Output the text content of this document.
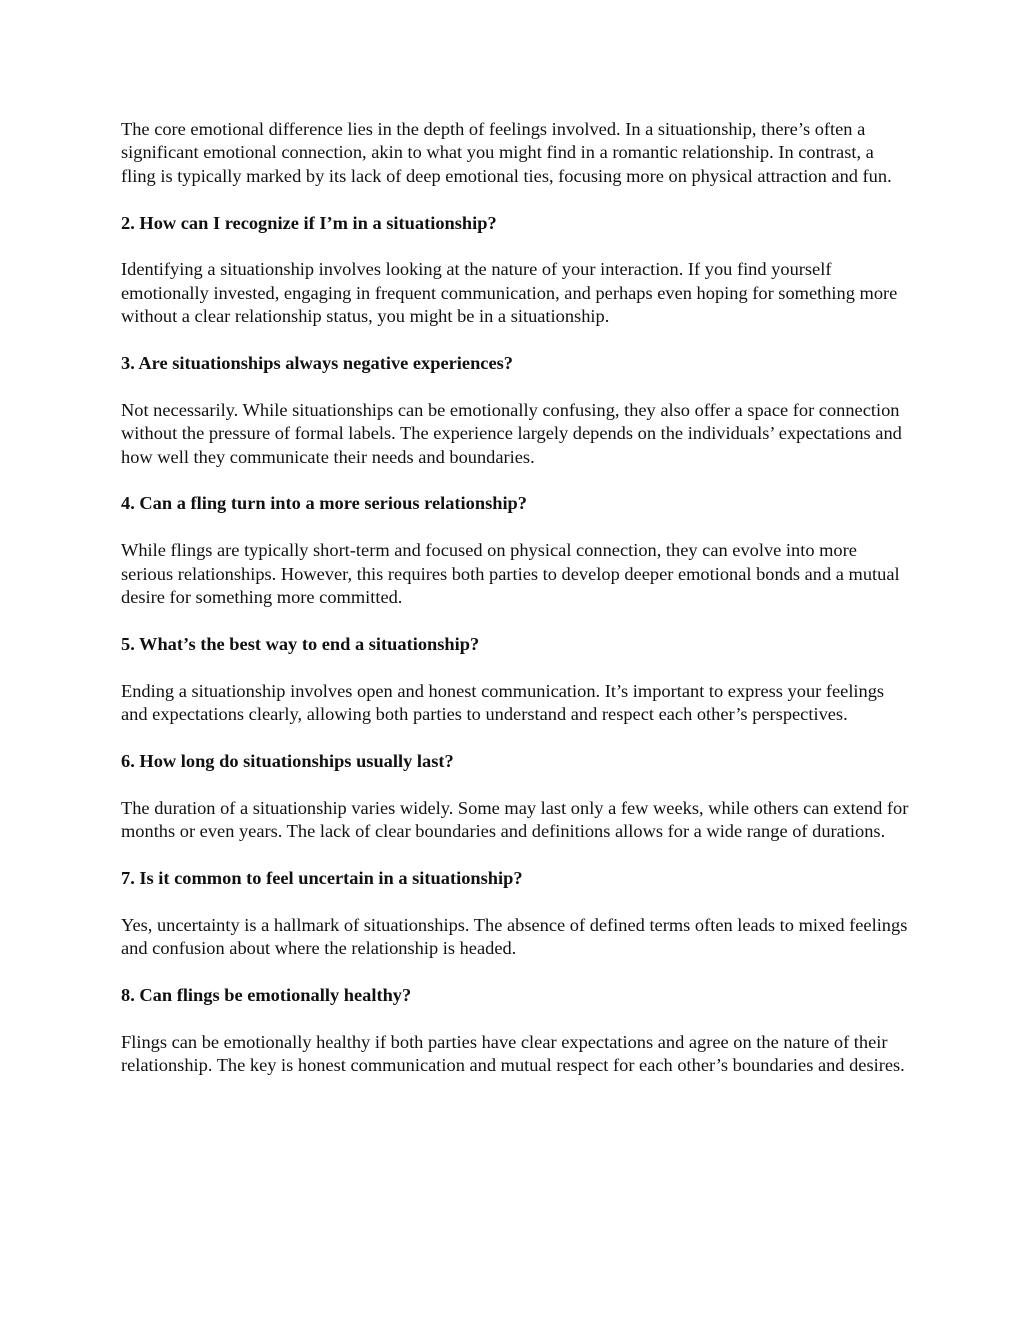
The core emotional difference lies in the depth of feelings involved. In a situationship, there’s often a significant emotional connection, akin to what you might find in a romantic relationship. In contrast, a fling is typically marked by its lack of deep emotional ties, focusing more on physical attraction and fun.

2. How can I recognize if I’m in a situationship?

Identifying a situationship involves looking at the nature of your interaction. If you find yourself emotionally invested, engaging in frequent communication, and perhaps even hoping for something more without a clear relationship status, you might be in a situationship.

3. Are situationships always negative experiences?

Not necessarily. While situationships can be emotionally confusing, they also offer a space for connection without the pressure of formal labels. The experience largely depends on the individuals’ expectations and how well they communicate their needs and boundaries.

4. Can a fling turn into a more serious relationship?

While flings are typically short-term and focused on physical connection, they can evolve into more serious relationships. However, this requires both parties to develop deeper emotional bonds and a mutual desire for something more committed.

5. What’s the best way to end a situationship?

Ending a situationship involves open and honest communication. It’s important to express your feelings and expectations clearly, allowing both parties to understand and respect each other’s perspectives.

6. How long do situationships usually last?

The duration of a situationship varies widely. Some may last only a few weeks, while others can extend for months or even years. The lack of clear boundaries and definitions allows for a wide range of durations.

7. Is it common to feel uncertain in a situationship?

Yes, uncertainty is a hallmark of situationships. The absence of defined terms often leads to mixed feelings and confusion about where the relationship is headed.

8. Can flings be emotionally healthy?

Flings can be emotionally healthy if both parties have clear expectations and agree on the nature of their relationship. The key is honest communication and mutual respect for each other’s boundaries and desires.
